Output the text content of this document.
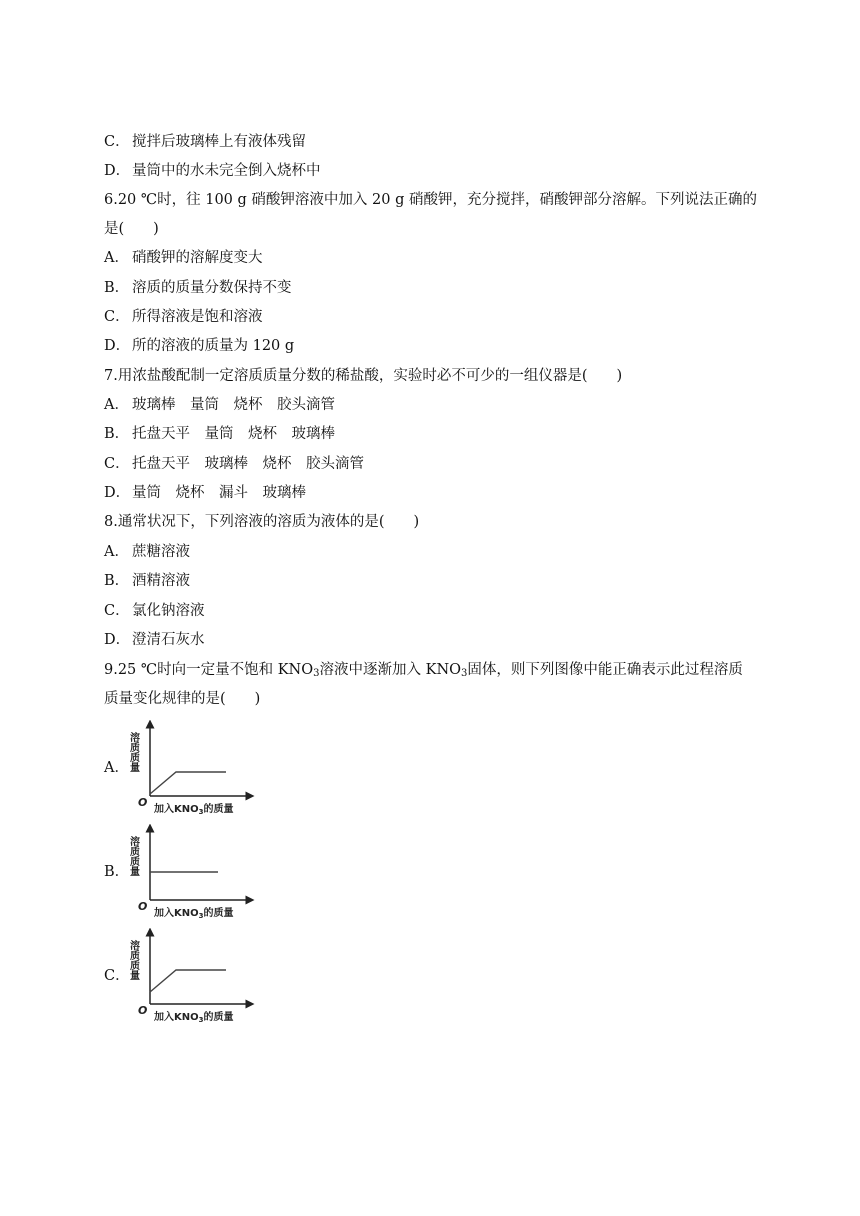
C． 搅拌后玻璃棒上有液体残留
D． 量筒中的水未完全倒入烧杯中
6.20 ℃时，往 100 g 硝酸钾溶液中加入 20 g 硝酸钾，充分搅拌，硝酸钾部分溶解。下列说法正确的
是(　　)
A． 硝酸钾的溶解度变大
B． 溶质的质量分数保持不变
C． 所得溶液是饱和溶液
D． 所的溶液的质量为 120 g
7.用浓盐酸配制一定溶质质量分数的稀盐酸，实验时必不可少的一组仪器是(　　)
A． 玻璃棒　量筒　烧杯　胶头滴管
B． 托盘天平　量筒　烧杯　玻璃棒
C． 托盘天平　玻璃棒　烧杯　胶头滴管
D． 量筒　烧杯　漏斗　玻璃棒
8.通常状况下，下列溶液的溶质为液体的是(　　)
A． 蔗糖溶液
B． 酒精溶液
C． 氯化钠溶液
D． 澄清石灰水
9.25 ℃时向一定量不饱和 $KNO_3$溶液中逐渐加入 $KNO_3$固体，则下列图像中能正确表示此过程溶质
质量变化规律的是(　　)
A．
溶质质量
O
加入$KNO_3$的质量
B．
溶质质量
O
加入$KNO_3$的质量
C．
溶质质量
O
加入$KNO_3$的质量
